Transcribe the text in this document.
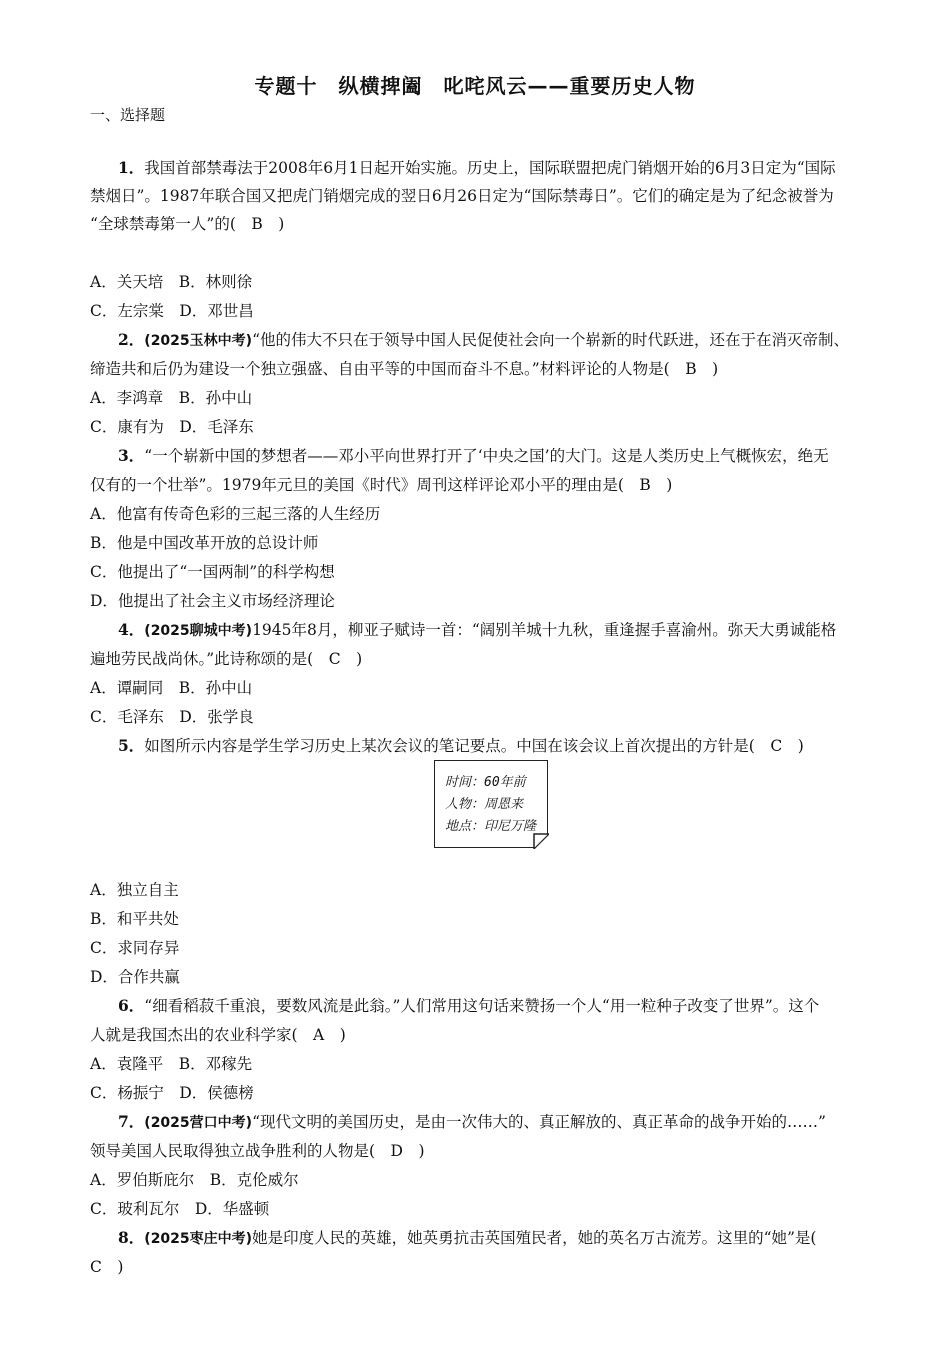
专题十　纵横捭阖　叱咤风云——重要历史人物
一、选择题
1．我国首部禁毒法于2008年6月1日起开始实施。历史上，国际联盟把虎门销烟开始的6月3日定为“国际
禁烟日”。1987年联合国又把虎门销烟完成的翌日6月26日定为“国际禁毒日”。它们的确定是为了纪念被誉为
“全球禁毒第一人”的(　B　)
A．关天培　B．林则徐
C．左宗棠　D．邓世昌
2．(2025玉林中考)“他的伟大不只在于领导中国人民促使社会向一个崭新的时代跃进，还在于在消灭帝制、
缔造共和后仍为建设一个独立强盛、自由平等的中国而奋斗不息。”材料评论的人物是(　B　)
A．李鸿章　B．孙中山
C．康有为　D．毛泽东
3．“一个崭新中国的梦想者——邓小平向世界打开了‘中央之国’的大门。这是人类历史上气概恢宏，绝无
仅有的一个壮举”。1979年元旦的美国《时代》周刊这样评论邓小平的理由是(　B　)
A．他富有传奇色彩的三起三落的人生经历
B．他是中国改革开放的总设计师
C．他提出了“一国两制”的科学构想
D．他提出了社会主义市场经济理论
4．(2025聊城中考)1945年8月，柳亚子赋诗一首：“阔别羊城十九秋，重逢握手喜渝州。弥天大勇诚能格
遍地劳民战尚休。”此诗称颂的是(　C　)
A．谭嗣同　B．孙中山
C．毛泽东　D．张学良
5．如图所示内容是学生学习历史上某次会议的笔记要点。中国在该会议上首次提出的方针是(　C　)
时间：60年前
人物：周恩来
地点：印尼万隆
A．独立自主
B．和平共处
C．求同存异
D．合作共赢
6．“细看稻菽千重浪，要数风流是此翁。”人们常用这句话来赞扬一个人“用一粒种子改变了世界”。这个
人就是我国杰出的农业科学家(　A　)
A．袁隆平　B．邓稼先
C．杨振宁　D．侯德榜
7．(2025营口中考)“现代文明的美国历史，是由一次伟大的、真正解放的、真正革命的战争开始的……”
领导美国人民取得独立战争胜利的人物是(　D　)
A．罗伯斯庇尔　B．克伦威尔
C．玻利瓦尔　D．华盛顿
8．(2025枣庄中考)她是印度人民的英雄，她英勇抗击英国殖民者，她的英名万古流芳。这里的“她”是(
C　)
